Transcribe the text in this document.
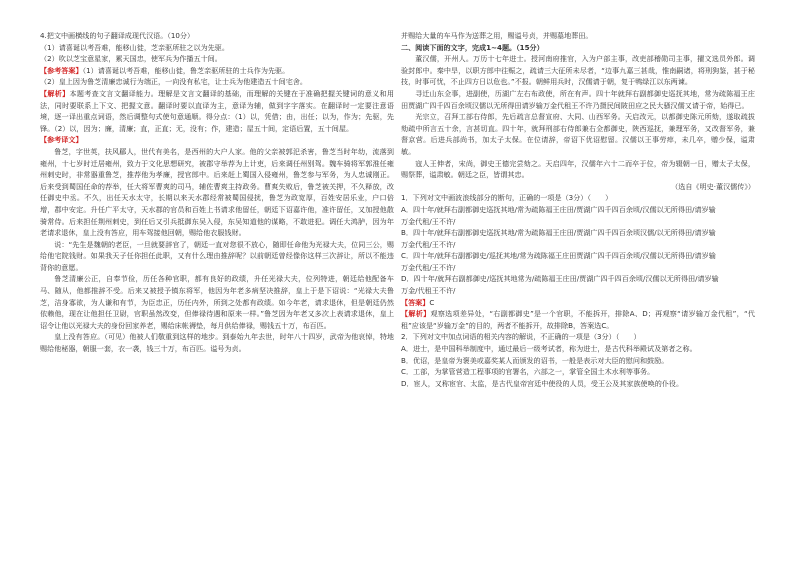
4.把文中画横线的句子翻译成现代汉语。（10分）

（1）请喜诞以考吾难，能移山徙，芝亲驱所驻之以为先驱。

（2）吹以芝宝意星家，累天国忠，使军兵为作播五十间。

【参考答案】（1）请喜诞以考吾难，能移山徙，鲁芝亲驱所驻的士兵作为先驱。

（2）皇上因为鲁芝清廉忠诚行为端正，一向没有私宅，让士兵为他建造五十间宅舍。

【解析】本题考查文言文翻译能力。理解是文言文翻译的基础，而理解的关键在于准确把握关键词的意义和用法，同时要联系上下文、把握文意。翻译时要以直译为主，意译为辅，做到字字落实。在翻译时一定要注意语境，逐一译出重点词语，然后调整句式使句意通顺。得分点：（1）以，凭借；由，出任；以为，作为；先驱，先锋。（2）以，因为；廉，清廉；直，正直；无，没有；作，建造；屋五十间，定语后置，五十间屋。

【参考译文】

鲁芝，字世英，扶风郿人，世代有美名，是西州的大户人家。他的父亲被郭汜杀害，鲁芝当时年幼，流落到雍州，十七岁时迁居雍州，致力于文化思想研究，被郡守举荐为上计吏，后来调任州别驾。魏车骑将军郭淮任雍州刺史时，非常器重鲁芝，推荐他为孝廉，授官郎中。后来赶上蜀国入侵雍州，鲁芝参与军务，为人忠诚刚正。后来受到蜀国任命的荐举，任大将军曹爽的司马，辅佐曹爽主持政务。曹爽失败后，鲁芝被关押，不久释放，改任御史中丞。不久，出任天水太守，长期以来天水郡经常被蜀国侵扰，鲁芝为政宽厚，百姓安居乐业，户口倍增，郡中安定。升任广平太守，天水郡的官员和百姓上书请求他留任，朝廷下诏嘉许他，准许留任，又加授他散骑常侍。后来担任荆州刺史，到任后又引兵抵御东吴入侵，东吴知道他的谋略，不敢进犯。调任大鸿胪，因为年老请求退休，皇上没有答应，用车驾接他回朝，赐给他衣服钱财。

说：“先生是魏朝的老臣，一旦就要辞官了，朝廷一直对您很不放心，随即任命他为光禄大夫，位同三公，赐给他宅院钱财。如果我天子任你担任此职，又有什么理由推辞呢？以前朝廷曾经像你这样三次辞让，所以不能违背你的意愿。

鲁芝清廉公正，自奉节俭，历任各种官职，都有良好的政绩，升任光禄大夫，位列特进，朝廷给他配备车马、随从，他都推辞不受。后来又被授予镇东将军，他因为年老多病坚决推辞，皇上于是下诏说：“光禄大夫鲁芝，洁身寡欲，为人谦和有节，为臣忠正，历任内外，所到之处都有政绩。如今年老，请求退休，但是朝廷仍然依赖他，现在让他担任卫尉，官职虽然改变，但俸禄待遇和原来一样。”鲁芝因为年老又多次上表请求退休，皇上诏令让他以光禄大夫的身份回家养老，赐给床帐褥垫，每月供给俸禄，赐钱五十万，布百匹。

皇上没有答应。（可见）他被人们敬重到这样的地步。到泰始九年去世，时年八十四岁，武帝为他哀悼，特地赐给他秘器，朝服一套，衣一袭，钱三十万，布百匹。谥号为贞。

并赐给大量的车马作为送葬之用，赐谥号贞，并赐墓地葬田。

二、阅读下面的文字，完成1~4题。（15分）

董汉儒，开州人。万历十七年进士。授河南府推官，入为户部主事，改吏部稽勋司主事，擢文选员外郎。调验封郎中。秦中旱，以职方郎中往赈之，疏请三大征所未尽者，“边事九嘉三甚哉，惟南嗣诸，将刑狗鉴，甚于秘技，时事可忧，不止四方日以危也。”不报。朝鲜用兵时，汉儒请于朝，复于鸭绿江以东两谏。

寻迁山东佥事，进副使，历湖广左右布政使，所在有声。四十年就拜右副都御史巡抚其地，常为疏陈福王庄田贾湖广四千四百余顷汉儒以无所得田请岁输万金代租王不许乃摄民间陂田应之民大骚汉儒又请于帝，始得已。

光宗立，召拜工部右侍郎，先后疏言总督宣府、大同、山西军务。天启改元，以都御史陈元所劾，遂取疏拔劾疏中所言五十余，言甚切直。四十年，就拜刑部右侍郎兼右佥都御史，陕西巡抚，兼理军务，又改督军务，兼督京营。后进兵部尚书，加太子太保。在位请辞，帝诏下优诏慰留。汉儒以王事劳瘁，未几卒，赠少保，谥肃敏。

寇人王伸者，宋尚，御史王德完尝劾之。天启四年，汉儒年六十二而卒于位，帝为辍朝一日，赠太子太保，赐祭葬，谥肃敏。朝廷之臣，皆谓其忠。

（选自《明史·董汉儒传》）

1．下列对文中画波浪线部分的断句，正确的一项是（3分）（　　）

A．四十年/就拜右副都御史巡抚其地/常为疏陈福王庄田/贾湖广四千四百余顷/汉儒以无所得田/请岁输

万金代租/王不许/

B．四十年/就拜右副都御史巡抚其地/常为疏陈福王庄田/贾湖广四千四百余顷汉儒/以无所得田/请岁输

万金代租/王不许/

C．四十年/就拜右副都御史/巡抚其地/常为疏陈福王庄田贾湖广四千四百余顷/汉儒以无所得田/请岁输

万金代租/王不许/

D．四十年/就拜右副都御史/巡抚其地常为/疏陈福王庄田/贾湖广四千四百余顷/汉儒以无所得田/请岁输

万金/代租王不许/

【答案】C

【解析】观察选项差异处，“右副都御史”是一个官职，不能拆开，排除A、D；再观察“请岁输万金代租”，“代租”应该是“岁输万金”的目的，两者不能拆开，故排除B，答案选C。

2．下列对文中加点词语的相关内容的解说，不正确的一项是（3分）（　　）

A．进士，是中国科举制度中，通过最后一级考试者，称为进士，是古代科举殿试及第者之称。

B．优诏，是皇帝为褒美或嘉奖某人而颁发的诏书，一般是表示对大臣的慰问和鼓励。

C．工部，为掌管营造工程事项的官署名，六部之一，掌管全国土木水利等事务。

D．宦人，又称宦官、太监，是古代皇帝宫廷中使役的人员，受王公及其家族使唤的仆役。
